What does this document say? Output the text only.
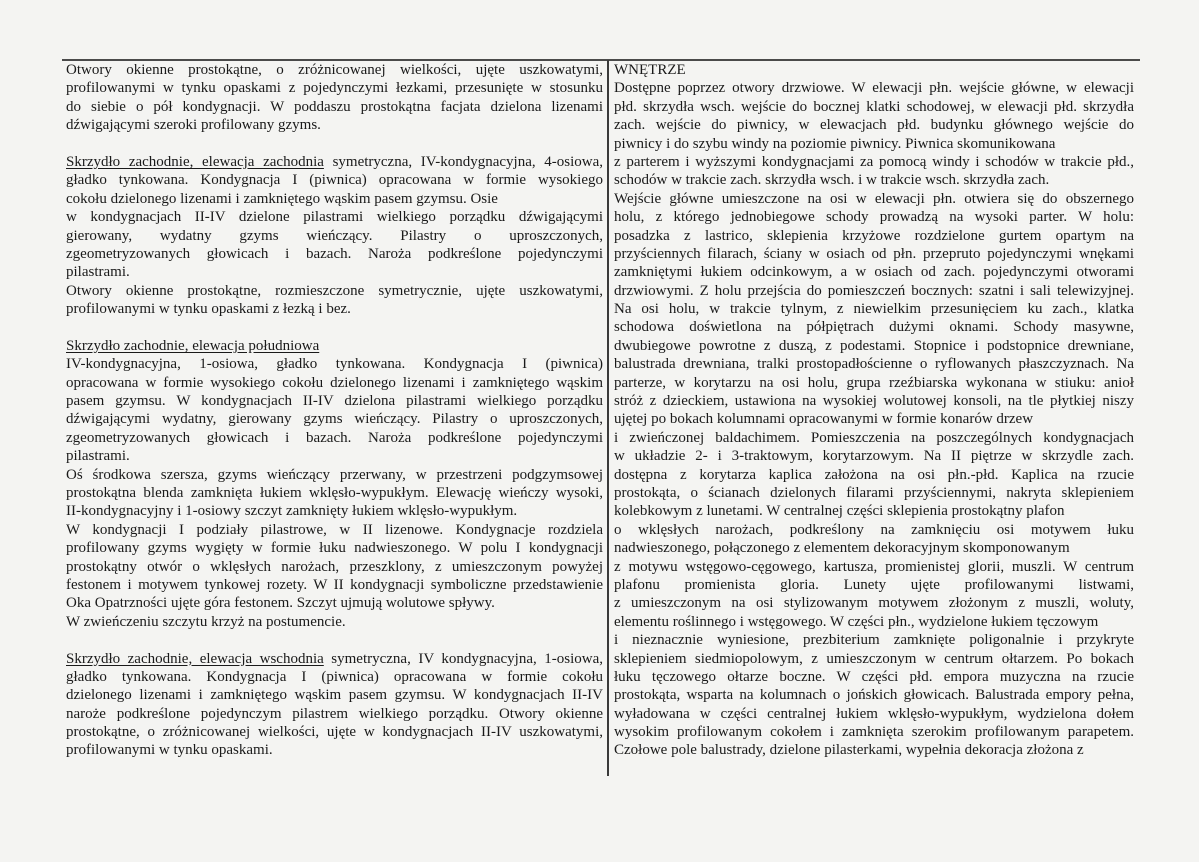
Otwory okienne prostokątne, o zróżnicowanej wielkości, ujęte uszkowatymi,
profilowanymi w tynku opaskami z pojedynczymi łezkami, przesunięte w stosunku
do siebie o pół kondygnacji. W poddaszu prostokątna facjata dzielona lizenami
dźwigającymi szeroki profilowany gzyms.
Skrzydło zachodnie, elewacja zachodnia symetryczna, IV-kondygnacyjna, 4-osiowa,
gładko tynkowana. Kondygnacja I (piwnica) opracowana w formie wysokiego
cokołu dzielonego lizenami i zamkniętego wąskim pasem gzymsu. Osie
w kondygnacjach II-IV dzielone pilastrami wielkiego porządku dźwigającymi
gierowany, wydatny gzyms wieńczący. Pilastry o uproszczonych,
zgeometryzowanych głowicach i bazach. Naroża podkreślone pojedynczymi
pilastrami.
Otwory okienne prostokątne, rozmieszczone symetrycznie, ujęte uszkowatymi,
profilowanymi w tynku opaskami z łezką i bez.
Skrzydło zachodnie, elewacja południowa
IV-kondygnacyjna, 1-osiowa, gładko tynkowana. Kondygnacja I (piwnica)
opracowana w formie wysokiego cokołu dzielonego lizenami i zamkniętego wąskim
pasem gzymsu. W kondygnacjach II-IV dzielona pilastrami wielkiego porządku
dźwigającymi wydatny, gierowany gzyms wieńczący. Pilastry o uproszczonych,
zgeometryzowanych głowicach i bazach. Naroża podkreślone pojedynczymi
pilastrami.
Oś środkowa szersza, gzyms wieńczący przerwany, w przestrzeni podgzymsowej
prostokątna blenda zamknięta łukiem wklęsło-wypukłym. Elewację wieńczy wysoki,
II-kondygnacyjny i 1-osiowy szczyt zamknięty łukiem wklęsło-wypukłym.
W kondygnacji I podziały pilastrowe, w II lizenowe. Kondygnacje rozdziela
profilowany gzyms wygięty w formie łuku nadwieszonego. W polu I kondygnacji
prostokątny otwór o wklęsłych narożach, przeszklony, z umieszczonym powyżej
festonem i motywem tynkowej rozety. W II kondygnacji symboliczne przedstawienie
Oka Opatrzności ujęte góra festonem. Szczyt ujmują wolutowe spływy.
W zwieńczeniu szczytu krzyż na postumencie.
Skrzydło zachodnie, elewacja wschodnia symetryczna, IV kondygnacyjna, 1-osiowa,
gładko tynkowana. Kondygnacja I (piwnica) opracowana w formie cokołu
dzielonego lizenami i zamkniętego wąskim pasem gzymsu. W kondygnacjach II-IV
naroże podkreślone pojedynczym pilastrem wielkiego porządku. Otwory okienne
prostokątne, o zróżnicowanej wielkości, ujęte w kondygnacjach II-IV uszkowatymi,
profilowanymi w tynku opaskami.
WNĘTRZE
Dostępne poprzez otwory drzwiowe. W elewacji płn. wejście główne, w elewacji
płd. skrzydła wsch. wejście do bocznej klatki schodowej, w elewacji płd. skrzydła
zach. wejście do piwnicy, w elewacjach płd. budynku głównego wejście do
piwnicy i do szybu windy na poziomie piwnicy. Piwnica skomunikowana
z parterem i wyższymi kondygnacjami za pomocą windy i schodów w trakcie płd.,
schodów w trakcie zach. skrzydła wsch. i w trakcie wsch. skrzydła zach.
Wejście główne umieszczone na osi w elewacji płn. otwiera się do obszernego
holu, z którego jednobiegowe schody prowadzą na wysoki parter. W holu:
posadzka z lastrico, sklepienia krzyżowe rozdzielone gurtem opartym na
przyściennych filarach, ściany w osiach od płn. przepruto pojedynczymi wnękami
zamkniętymi łukiem odcinkowym, a w osiach od zach. pojedynczymi otworami
drzwiowymi. Z holu przejścia do pomieszczeń bocznych: szatni i sali telewizyjnej.
Na osi holu, w trakcie tylnym, z niewielkim przesunięciem ku zach., klatka
schodowa doświetlona na półpiętrach dużymi oknami. Schody masywne,
dwubiegowe powrotne z duszą, z podestami. Stopnice i podstopnice drewniane,
balustrada drewniana, tralki prostopadłościenne o ryflowanych płaszczyznach. Na
parterze, w korytarzu na osi holu, grupa rzeźbiarska wykonana w stiuku: anioł
stróż z dzieckiem, ustawiona na wysokiej wolutowej konsoli, na tle płytkiej niszy
ujętej po bokach kolumnami opracowanymi w formie konarów drzew
i zwieńczonej baldachimem. Pomieszczenia na poszczególnych kondygnacjach
w układzie 2- i 3-traktowym, korytarzowym. Na II piętrze w skrzydle zach.
dostępna z korytarza kaplica założona na osi płn.-płd. Kaplica na rzucie
prostokąta, o ścianach dzielonych filarami przyściennymi, nakryta sklepieniem
kolebkowym z lunetami. W centralnej części sklepienia prostokątny plafon
o wklęsłych narożach, podkreślony na zamknięciu osi motywem łuku
nadwieszonego, połączonego z elementem dekoracyjnym skomponowanym
z motywu wstęgowo-cęgowego, kartusza, promienistej glorii, muszli. W centrum
plafonu promienista gloria. Lunety ujęte profilowanymi listwami,
z umieszczonym na osi stylizowanym motywem złożonym z muszli, woluty,
elementu roślinnego i wstęgowego. W części płn., wydzielone łukiem tęczowym
i nieznacznie wyniesione, prezbiterium zamknięte poligonalnie i przykryte
sklepieniem siedmiopolowym, z umieszczonym w centrum ołtarzem. Po bokach
łuku tęczowego ołtarze boczne. W części płd. empora muzyczna na rzucie
prostokąta, wsparta na kolumnach o jońskich głowicach. Balustrada empory pełna,
wyładowana w części centralnej łukiem wklęsło-wypukłym, wydzielona dołem
wysokim profilowanym cokołem i zamknięta szerokim profilowanym parapetem.
Czołowe pole balustrady, dzielone pilasterkami, wypełnia dekoracja złożona z
